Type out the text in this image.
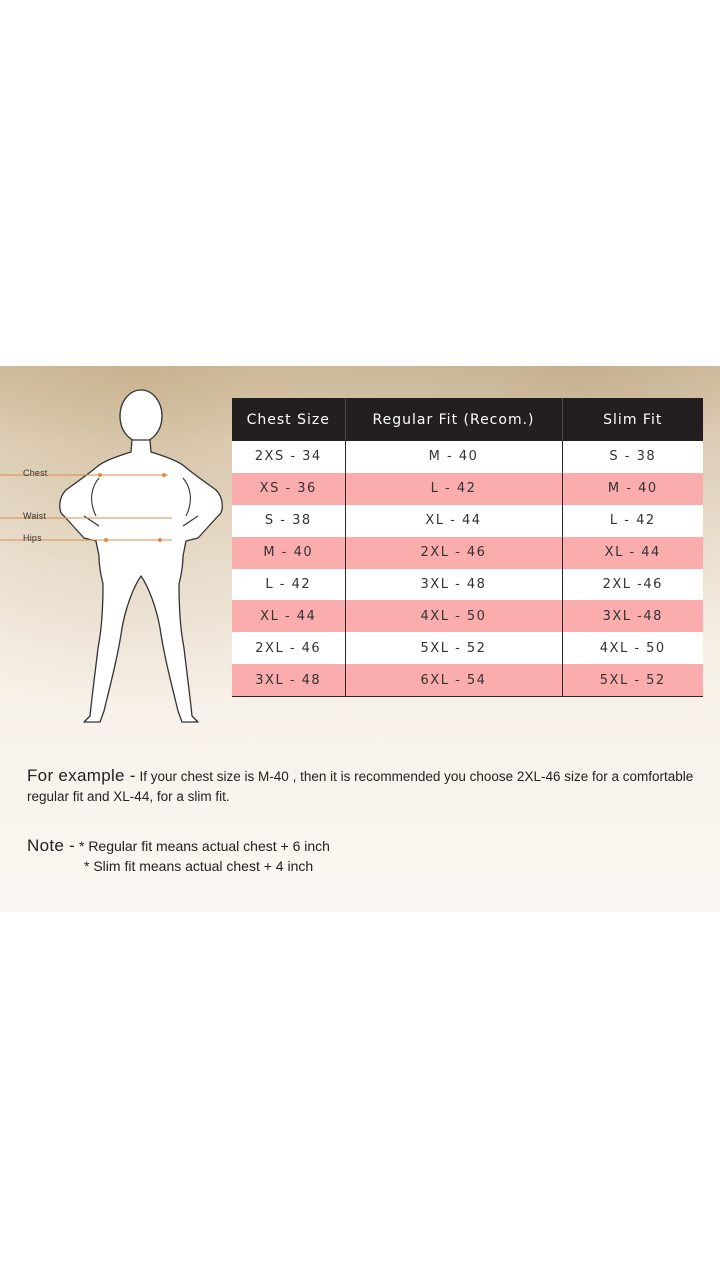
Chest
Waist
Hips
Chest Size	Regular Fit (Recom.)	Slim Fit
2XS - 34	M - 40	S - 38
XS - 36	L - 42	M - 40
S - 38	XL - 44	L - 42
M - 40	2XL - 46	XL - 44
L - 42	3XL - 48	2XL -46
XL - 44	4XL - 50	3XL -48
2XL - 46	5XL - 52	4XL - 50
3XL - 48	6XL - 54	5XL - 52
For example - If your chest size is M-40 , then it is recommended you choose 2XL-46 size for a comfortable regular fit and XL-44, for a slim fit.
Note - * Regular fit means actual chest + 6 inch
* Slim fit means actual chest + 4 inch
